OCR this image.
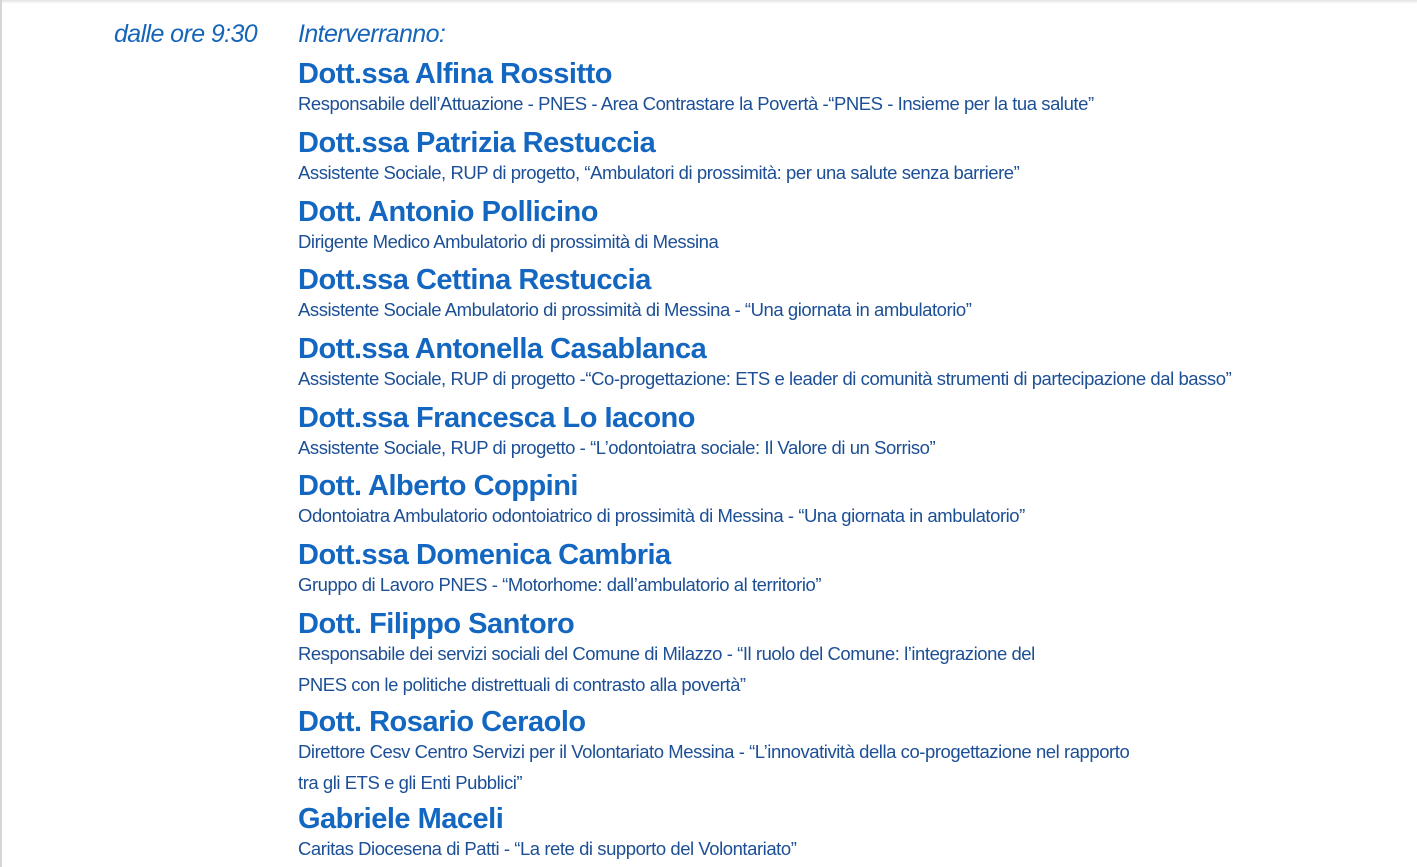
dalle ore 9:30 Interverranno:
Dott.ssa Alfina Rossitto
Responsabile dell’Attuazione - PNES - Area Contrastare la Povertà -“PNES - Insieme per la tua salute”
Dott.ssa Patrizia Restuccia
Assistente Sociale, RUP di progetto, “Ambulatori di prossimità: per una salute senza barriere”
Dott. Antonio Pollicino
Dirigente Medico Ambulatorio di prossimità di Messina
Dott.ssa Cettina Restuccia
Assistente Sociale Ambulatorio di prossimità di Messina - “Una giornata in ambulatorio”
Dott.ssa Antonella Casablanca
Assistente Sociale, RUP di progetto -“Co-progettazione: ETS e leader di comunità strumenti di partecipazione dal basso”
Dott.ssa Francesca Lo Iacono
Assistente Sociale, RUP di progetto - “L’odontoiatra sociale: Il Valore di un Sorriso”
Dott. Alberto Coppini
Odontoiatra Ambulatorio odontoiatrico di prossimità di Messina - “Una giornata in ambulatorio”
Dott.ssa Domenica Cambria
Gruppo di Lavoro PNES - “Motorhome: dall’ambulatorio al territorio”
Dott. Filippo Santoro
Responsabile dei servizi sociali del Comune di Milazzo - “Il ruolo del Comune: l’integrazione del
PNES con le politiche distrettuali di contrasto alla povertà”
Dott. Rosario Ceraolo
Direttore Cesv Centro Servizi per il Volontariato Messina - “L’innovatività della co-progettazione nel rapporto
tra gli ETS e gli Enti Pubblici”
Gabriele Maceli
Caritas Diocesena di Patti - “La rete di supporto del Volontariato”
